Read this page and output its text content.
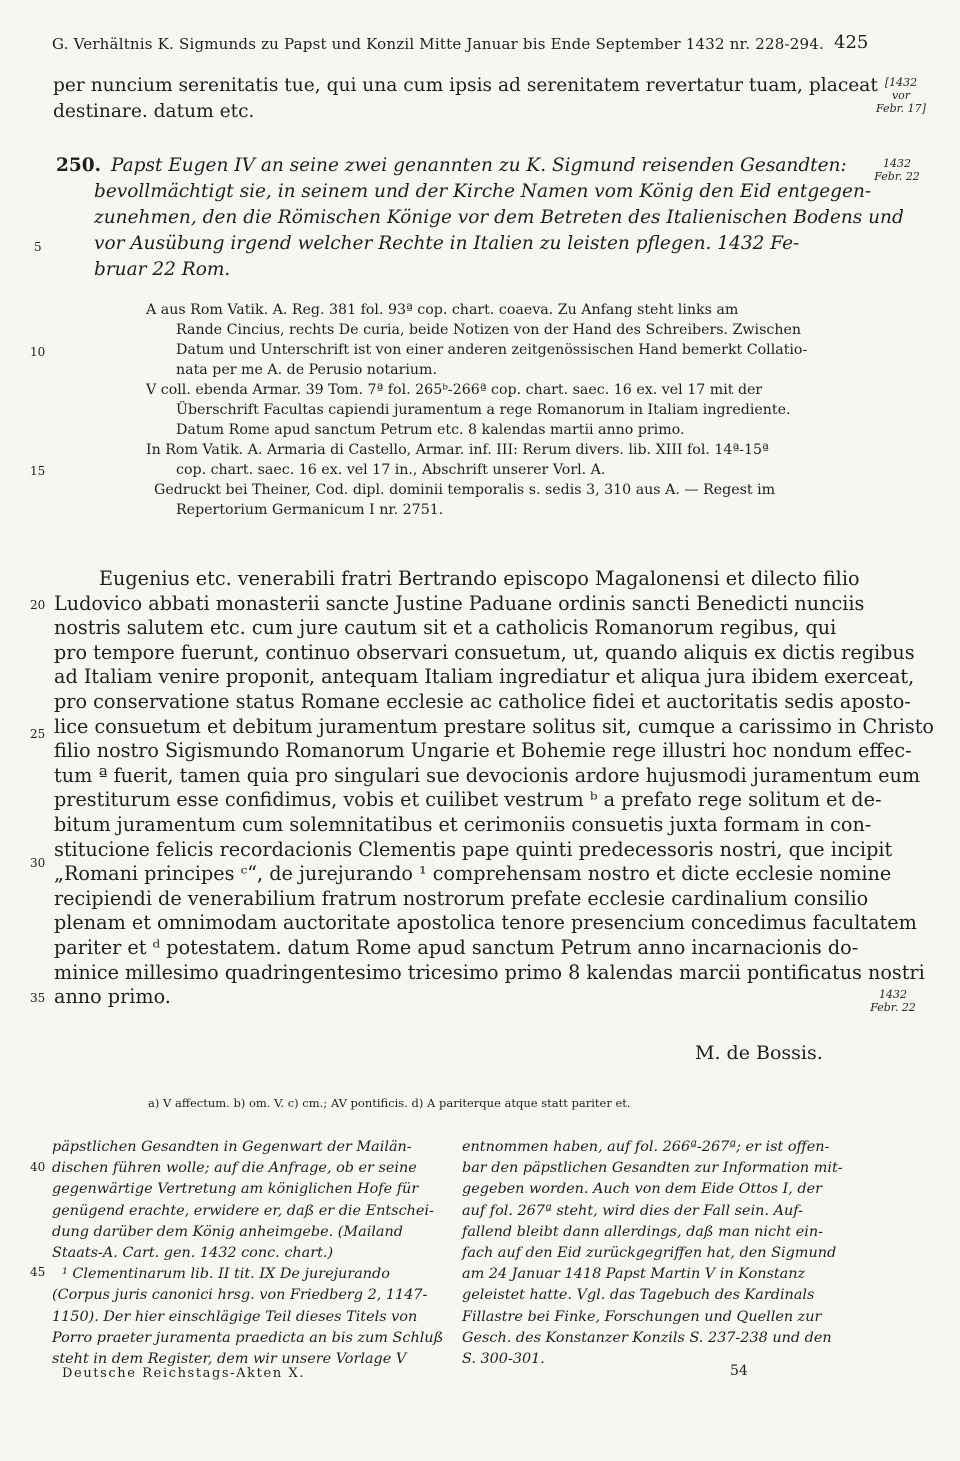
G. Verhältnis K. Sigmunds zu Papst und Konzil Mitte Januar bis Ende September 1432 nr. 228-294. 425
per nuncium serenitatis tue, qui una cum ipsis ad serenitatem revertatur tuam, placeat
destinare. datum etc.
[1432
vor
Febr. 17]
250. Papst Eugen IV an seine zwei genannten zu K. Sigmund reisenden Gesandten:
bevollmächtigt sie, in seinem und der Kirche Namen vom König den Eid entgegen-
zunehmen, den die Römischen Könige vor dem Betreten des Italienischen Bodens und
vor Ausübung irgend welcher Rechte in Italien zu leisten pflegen. 1432 Fe-
bruar 22 Rom.
1432
Febr. 22
A aus Rom Vatik. A. Reg. 381 fol. 93ª cop. chart. coaeva. Zu Anfang steht links am
Rande Cincius, rechts De curia, beide Notizen von der Hand des Schreibers. Zwischen
Datum und Unterschrift ist von einer anderen zeitgenössischen Hand bemerkt Collatio-
nata per me A. de Perusio notarium.
V coll. ebenda Armar. 39 Tom. 7ª fol. 265ᵇ-266ª cop. chart. saec. 16 ex. vel 17 mit der
Überschrift Facultas capiendi juramentum a rege Romanorum in Italiam ingrediente.
Datum Rome apud sanctum Petrum etc. 8 kalendas martii anno primo.
In Rom Vatik. A. Armaria di Castello, Armar. inf. III: Rerum divers. lib. XIII fol. 14ª-15ª
cop. chart. saec. 16 ex. vel 17 in., Abschrift unserer Vorl. A.
Gedruckt bei Theiner, Cod. dipl. dominii temporalis s. sedis 3, 310 aus A. — Regest im
Repertorium Germanicum I nr. 2751.
Eugenius etc. venerabili fratri Bertrando episcopo Magalonensi et dilecto filio
Ludovico abbati monasterii sancte Justine Paduane ordinis sancti Benedicti nunciis
nostris salutem etc. cum jure cautum sit et a catholicis Romanorum regibus, qui
pro tempore fuerunt, continuo observari consuetum, ut, quando aliquis ex dictis regibus
ad Italiam venire proponit, antequam Italiam ingrediatur et aliqua jura ibidem exerceat,
pro conservatione status Romane ecclesie ac catholice fidei et auctoritatis sedis aposto-
lice consuetum et debitum juramentum prestare solitus sit, cumque a carissimo in Christo
filio nostro Sigismundo Romanorum Ungarie et Bohemie rege illustri hoc nondum effec-
tum ª fuerit, tamen quia pro singulari sue devocionis ardore hujusmodi juramentum eum
prestiturum esse confidimus, vobis et cuilibet vestrum ᵇ a prefato rege solitum et de-
bitum juramentum cum solemnitatibus et cerimoniis consuetis juxta formam in con-
stitucione felicis recordacionis Clementis pape quinti predecessoris nostri, que incipit
„Romani principes ᶜ“, de jurejurando ¹ comprehensam nostro et dicte ecclesie nomine
recipiendi de venerabilium fratrum nostrorum prefate ecclesie cardinalium consilio
plenam et omnimodam auctoritate apostolica tenore presencium concedimus facultatem
pariter et ᵈ potestatem. datum Rome apud sanctum Petrum anno incarnacionis do-
minice millesimo quadringentesimo tricesimo primo 8 kalendas marcii pontificatus nostri
anno primo.	1432
Febr. 22
M. de Bossis.
a) V affectum. b) om. V. c) cm.; AV pontificis. d) A pariterque atque statt pariter et.
päpstlichen Gesandten in Gegenwart der Mailän-
dischen führen wolle; auf die Anfrage, ob er seine
gegenwärtige Vertretung am königlichen Hofe für
genügend erachte, erwidere er, daß er die Entschei-
dung darüber dem König anheimgebe. (Mailand
Staats-A. Cart. gen. 1432 conc. chart.)
¹ Clementinarum lib. II tit. IX De jurejurando
(Corpus juris canonici hrsg. von Friedberg 2, 1147-
1150). Der hier einschlägige Teil dieses Titels von
Porro praeter juramenta praedicta an bis zum Schluß
steht in dem Register, dem wir unsere Vorlage V
entnommen haben, auf fol. 266ª-267ª; er ist offen-
bar den päpstlichen Gesandten zur Information mit-
gegeben worden. Auch von dem Eide Ottos I, der
auf fol. 267ª steht, wird dies der Fall sein. Auf-
fallend bleibt dann allerdings, daß man nicht ein-
fach auf den Eid zurückgegriffen hat, den Sigmund
am 24 Januar 1418 Papst Martin V in Konstanz
geleistet hatte. Vgl. das Tagebuch des Kardinals
Fillastre bei Finke, Forschungen und Quellen zur
Gesch. des Konstanzer Konzils S. 237-238 und den
S. 300-301.
Deutsche Reichstags-Akten X.	54
5
10
15
20
25
30
35
40
45
